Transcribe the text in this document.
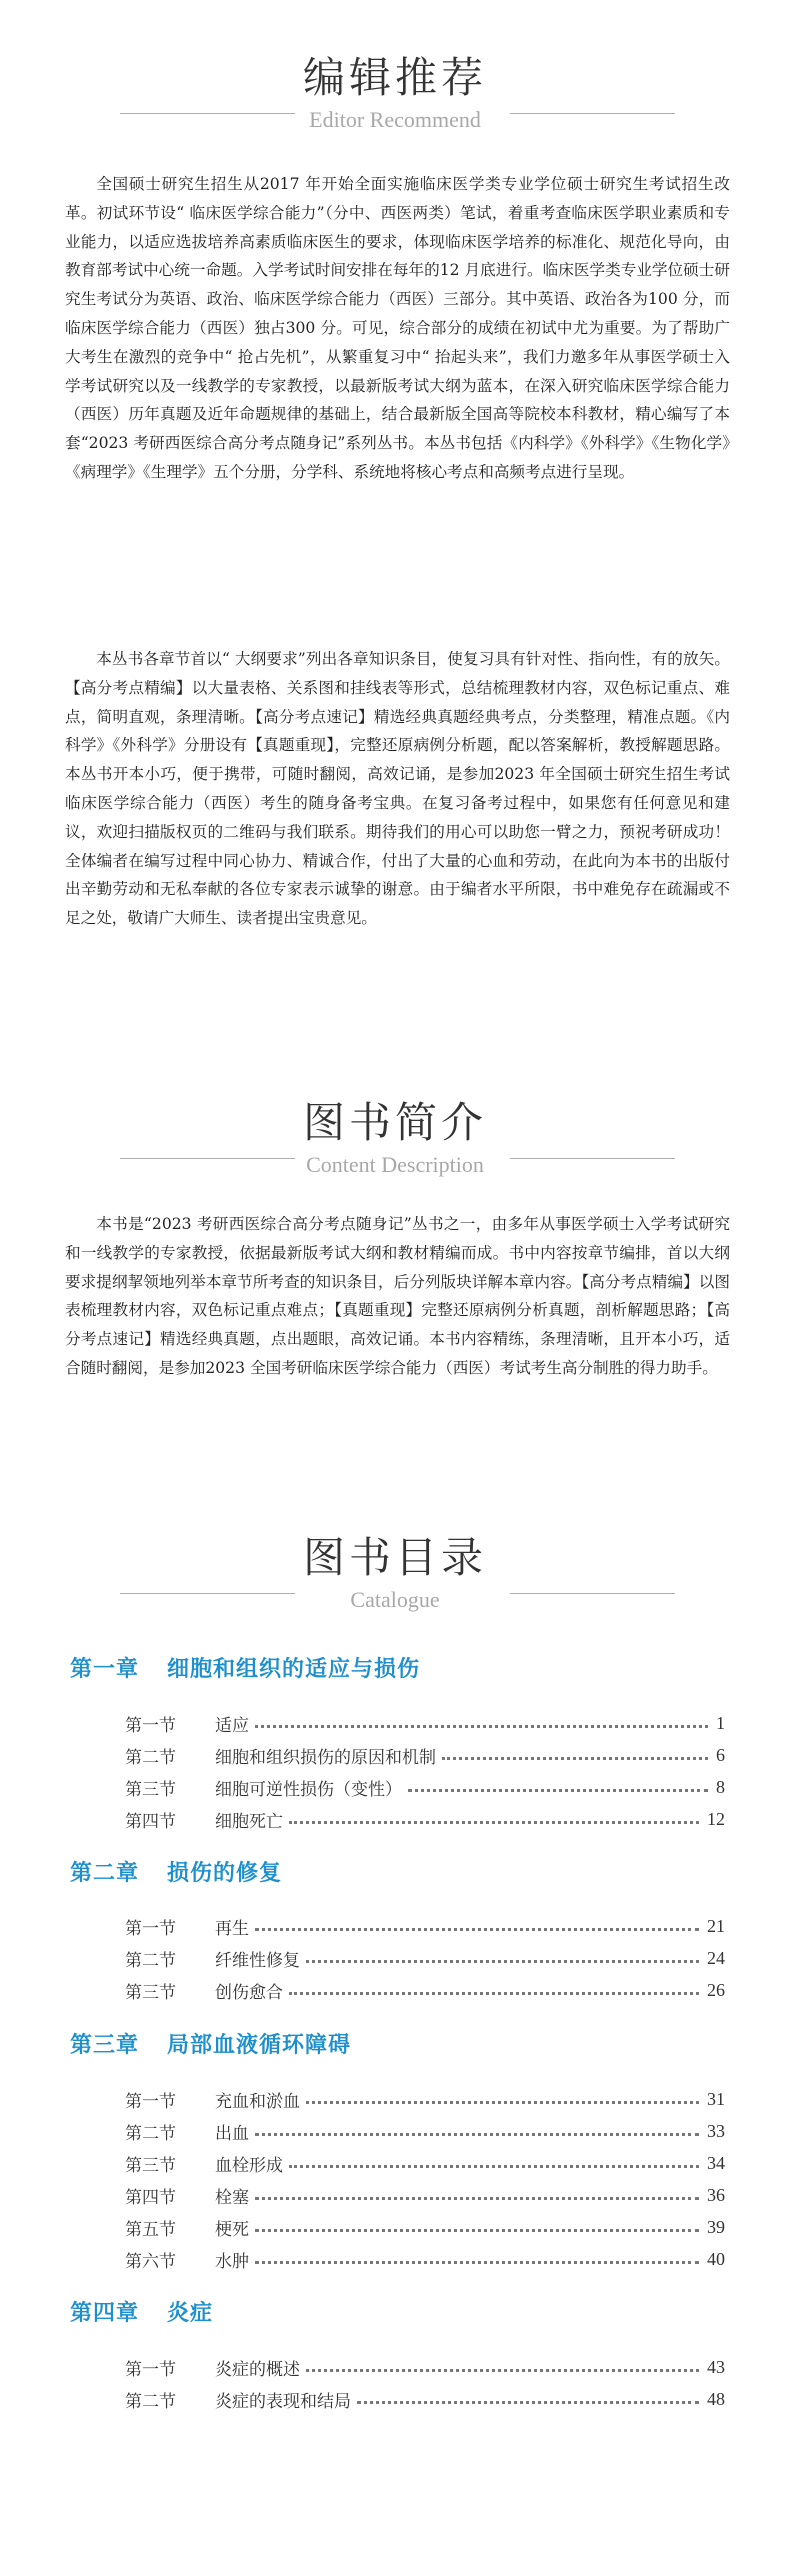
编辑推荐
Editor Recommend

全国硕士研究生招生从2017 年开始全面实施临床医学类专业学位硕士研究生考试招生改革。初试环节设“ 临床医学综合能力”（分中、西医两类）笔试，着重考查临床医学职业素质和专业能力，以适应选拔培养高素质临床医生的要求，体现临床医学培养的标准化、规范化导向，由教育部考试中心统一命题。入学考试时间安排在每年的12 月底进行。临床医学类专业学位硕士研究生考试分为英语、政治、临床医学综合能力（西医）三部分。其中英语、政治各为100 分，而临床医学综合能力（西医）独占300 分。可见，综合部分的成绩在初试中尤为重要。为了帮助广大考生在激烈的竞争中“ 抢占先机”，从繁重复习中“ 抬起头来”，我们力邀多年从事医学硕士入学考试研究以及一线教学的专家教授，以最新版考试大纲为蓝本，在深入研究临床医学综合能力（西医）历年真题及近年命题规律的基础上，结合最新版全国高等院校本科教材，精心编写了本套“2023 考研西医综合高分考点随身记”系列丛书。本丛书包括《内科学》《外科学》《生物化学》《病理学》《生理学》五个分册，分学科、系统地将核心考点和高频考点进行呈现。

本丛书各章节首以“ 大纲要求”列出各章知识条目，使复习具有针对性、指向性，有的放矢。【高分考点精编】以大量表格、关系图和挂线表等形式，总结梳理教材内容，双色标记重点、难点，简明直观，条理清晰。【高分考点速记】精选经典真题经典考点，分类整理，精准点题。《内科学》《外科学》分册设有【真题重现】，完整还原病例分析题，配以答案解析，教授解题思路。本丛书开本小巧，便于携带，可随时翻阅，高效记诵，是参加2023 年全国硕士研究生招生考试临床医学综合能力（西医）考生的随身备考宝典。在复习备考过程中，如果您有任何意见和建议，欢迎扫描版权页的二维码与我们联系。期待我们的用心可以助您一臂之力，预祝考研成功！全体编者在编写过程中同心协力、精诚合作，付出了大量的心血和劳动，在此向为本书的出版付出辛勤劳动和无私奉献的各位专家表示诚挚的谢意。由于编者水平所限，书中难免存在疏漏或不足之处，敬请广大师生、读者提出宝贵意见。

图书简介
Content Description

本书是“2023 考研西医综合高分考点随身记”丛书之一，由多年从事医学硕士入学考试研究和一线教学的专家教授，依据最新版考试大纲和教材精编而成。书中内容按章节编排，首以大纲要求提纲挈领地列举本章节所考查的知识条目，后分列版块详解本章内容。【高分考点精编】以图表梳理教材内容，双色标记重点难点；【真题重现】完整还原病例分析真题，剖析解题思路；【高分考点速记】精选经典真题，点出题眼，高效记诵。本书内容精练，条理清晰，且开本小巧，适合随时翻阅，是参加2023 全国考研临床医学综合能力（西医）考试考生高分制胜的得力助手。

图书目录
Catalogue
第一章 细胞和组织的适应与损伤
第一节	适应	1
第二节	细胞和组织损伤的原因和机制	6
第三节	细胞可逆性损伤（变性）	8
第四节	细胞死亡	12
第二章 损伤的修复
第一节	再生	21
第二节	纤维性修复	24
第三节	创伤愈合	26
第三章 局部血液循环障碍
第一节	充血和淤血	31
第二节	出血	33
第三节	血栓形成	34
第四节	栓塞	36
第五节	梗死	39
第六节	水肿	40
第四章 炎症
第一节	炎症的概述	43
第二节	炎症的表现和结局	48
